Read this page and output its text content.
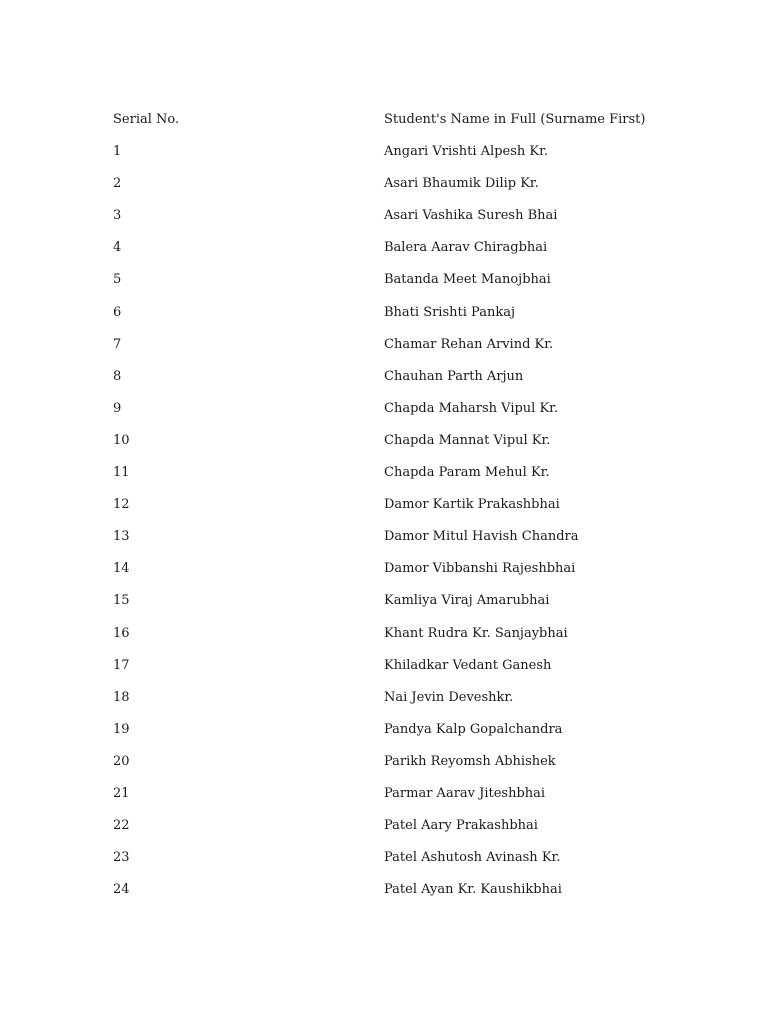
Serial No.	Student's Name in Full (Surname First)
1	Angari Vrishti Alpesh Kr.
2	Asari Bhaumik Dilip Kr.
3	Asari Vashika Suresh Bhai
4	Balera Aarav Chiragbhai
5	Batanda Meet Manojbhai
6	Bhati Srishti Pankaj
7	Chamar Rehan Arvind Kr.
8	Chauhan Parth Arjun
9	Chapda Maharsh Vipul Kr.
10	Chapda Mannat Vipul Kr.
11	Chapda Param Mehul Kr.
12	Damor Kartik Prakashbhai
13	Damor Mitul Havish Chandra
14	Damor Vibbanshi Rajeshbhai
15	Kamliya Viraj Amarubhai
16	Khant Rudra Kr. Sanjaybhai
17	Khiladkar Vedant Ganesh
18	Nai Jevin Deveshkr.
19	Pandya Kalp Gopalchandra
20	Parikh Reyomsh Abhishek
21	Parmar Aarav Jiteshbhai
22	Patel Aary Prakashbhai
23	Patel Ashutosh Avinash Kr.
24	Patel Ayan Kr. Kaushikbhai
